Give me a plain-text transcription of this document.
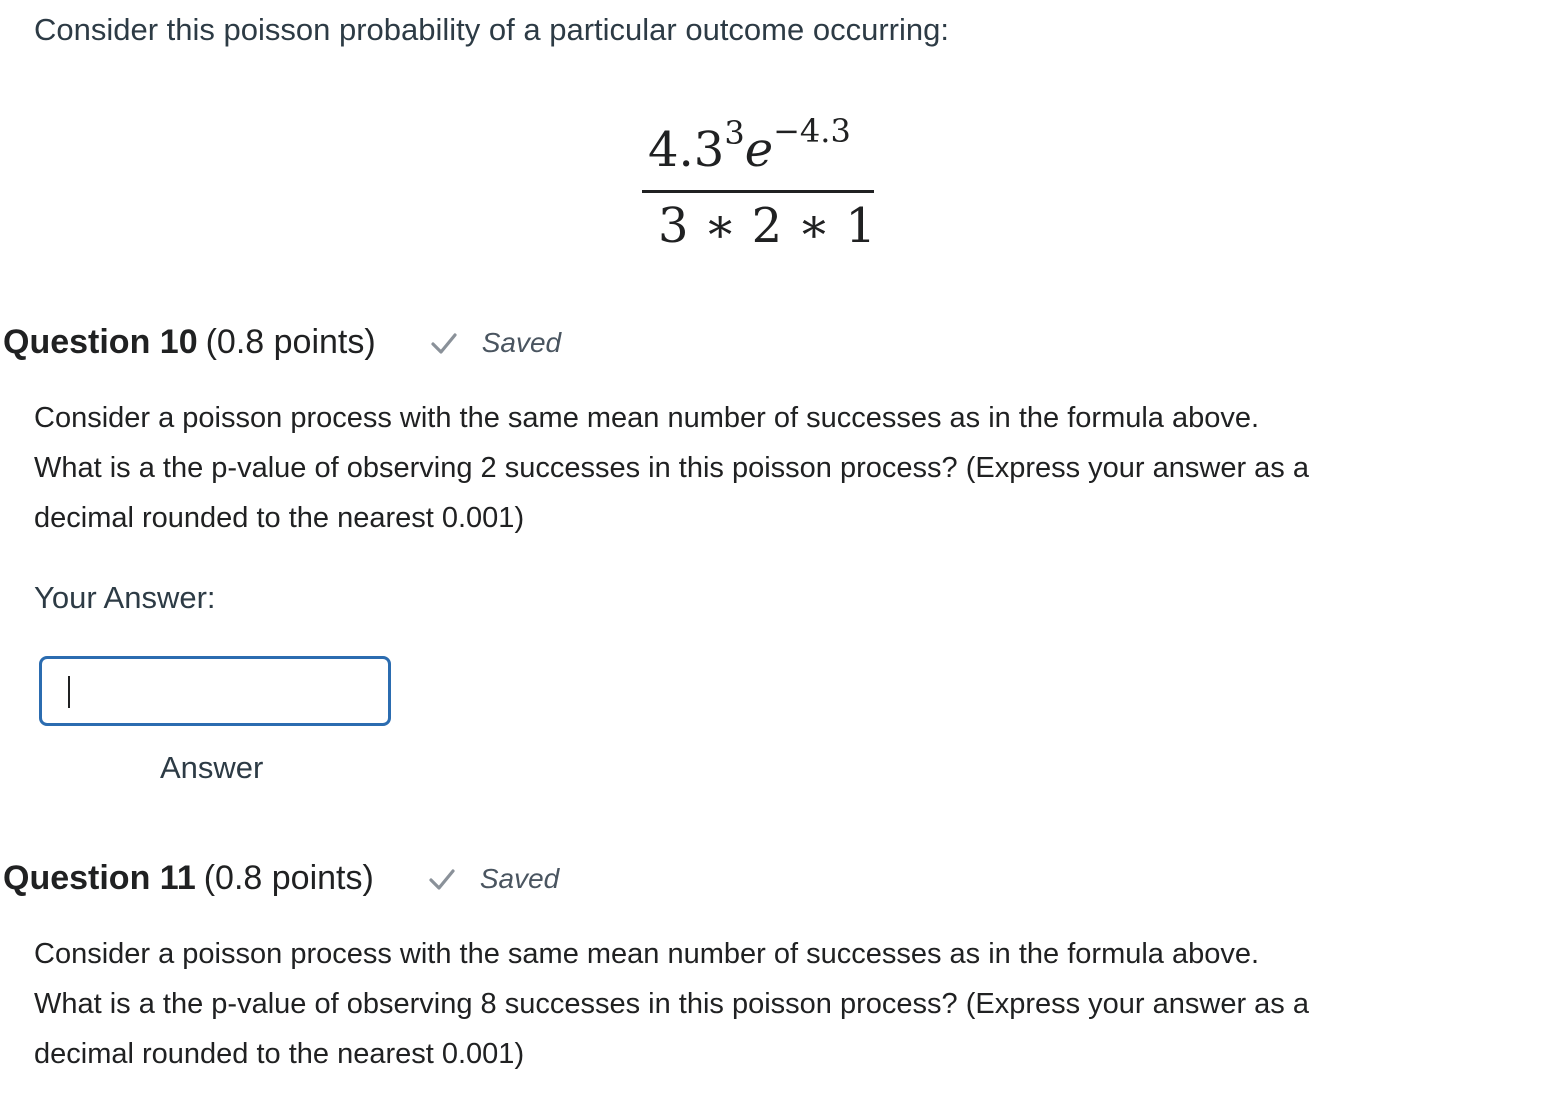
Consider this poisson probability of a particular outcome occurring:
$4.3^3e^{-4.3}$
3 ∗ 2 ∗ 1
Question 10 (0.8 points)	Saved

Consider a poisson process with the same mean number of successes as in the formula above.

What is a the p-value of observing 2 successes in this poisson process? (Express your answer as a

decimal rounded to the nearest 0.001)

Your Answer:
Answer
Question 11 (0.8 points)	Saved

Consider a poisson process with the same mean number of successes as in the formula above.

What is a the p-value of observing 8 successes in this poisson process? (Express your answer as a

decimal rounded to the nearest 0.001)
